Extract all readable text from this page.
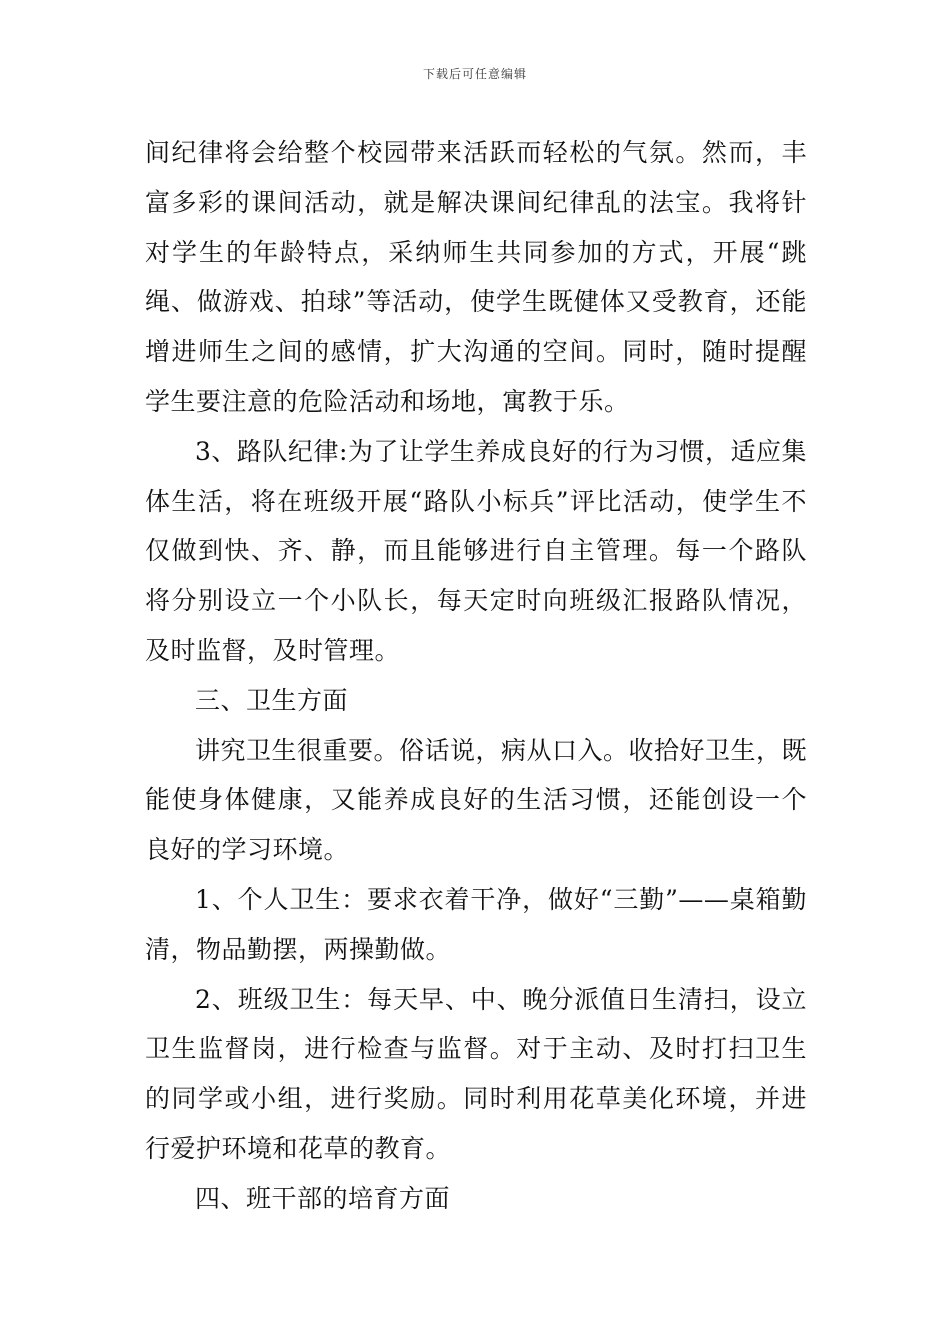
下载后可任意编辑

间纪律将会给整个校园带来活跃而轻松的气氛。然而，丰富多彩的课间活动，就是解决课间纪律乱的法宝。我将针对学生的年龄特点，采纳师生共同参加的方式，开展“跳绳、做游戏、拍球”等活动，使学生既健体又受教育，还能增进师生之间的感情，扩大沟通的空间。同时，随时提醒学生要注意的危险活动和场地，寓教于乐。

3、路队纪律:为了让学生养成良好的行为习惯，适应集体生活，将在班级开展“路队小标兵”评比活动，使学生不仅做到快、齐、静，而且能够进行自主管理。每一个路队将分别设立一个小队长，每天定时向班级汇报路队情况，及时监督，及时管理。

三、卫生方面

讲究卫生很重要。俗话说，病从口入。收拾好卫生，既能使身体健康，又能养成良好的生活习惯，还能创设一个良好的学习环境。

1、个人卫生：要求衣着干净，做好“三勤”——桌箱勤清，物品勤摆，两操勤做。

2、班级卫生：每天早、中、晚分派值日生清扫，设立卫生监督岗，进行检查与监督。对于主动、及时打扫卫生的同学或小组，进行奖励。同时利用花草美化环境，并进行爱护环境和花草的教育。

四、班干部的培育方面
